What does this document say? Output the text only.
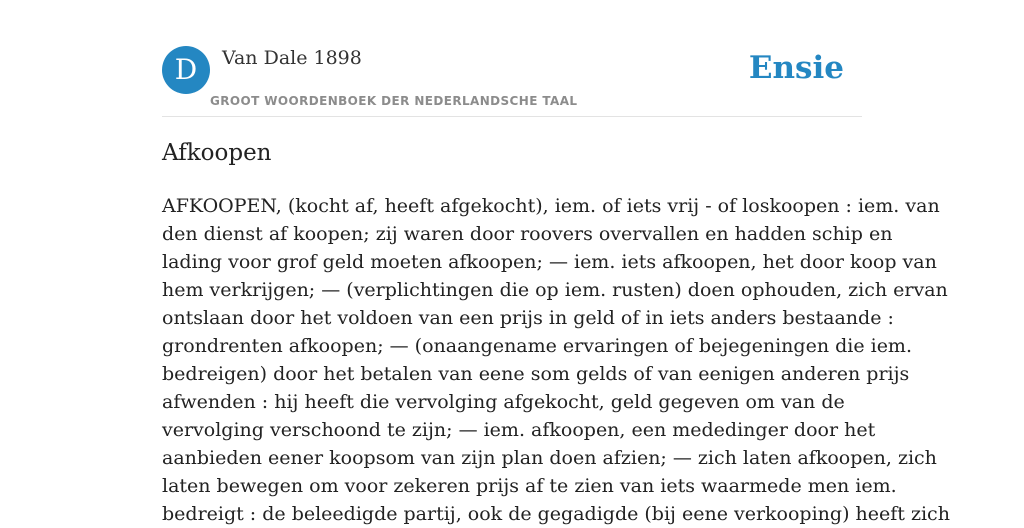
D	Van Dale 1898
GROOT WOORDENBOEK DER NEDERLANDSCHE TAAL
Ensie
Afkoopen
AFKOOPEN, (kocht af, heeft afgekocht), iem. of iets vrij - of loskoopen : iem. van
den dienst af koopen; zij waren door roovers overvallen en hadden schip en
lading voor grof geld moeten afkoopen; — iem. iets afkoopen, het door koop van
hem verkrijgen; — (verplichtingen die op iem. rusten) doen ophouden, zich ervan
ontslaan door het voldoen van een prijs in geld of in iets anders bestaande :
grondrenten afkoopen; — (onaangename ervaringen of bejegeningen die iem.
bedreigen) door het betalen van eene som gelds of van eenigen anderen prijs
afwenden : hij heeft die vervolging afgekocht, geld gegeven om van de
vervolging verschoond te zijn; — iem. afkoopen, een mededinger door het
aanbieden eener koopsom van zijn plan doen afzien; — zich laten afkoopen, zich
laten bewegen om voor zekeren prijs af te zien van iets waarmede men iem.
bedreigt : de beleedigde partij, ook de gegadigde (bij eene verkooping) heeft zich
